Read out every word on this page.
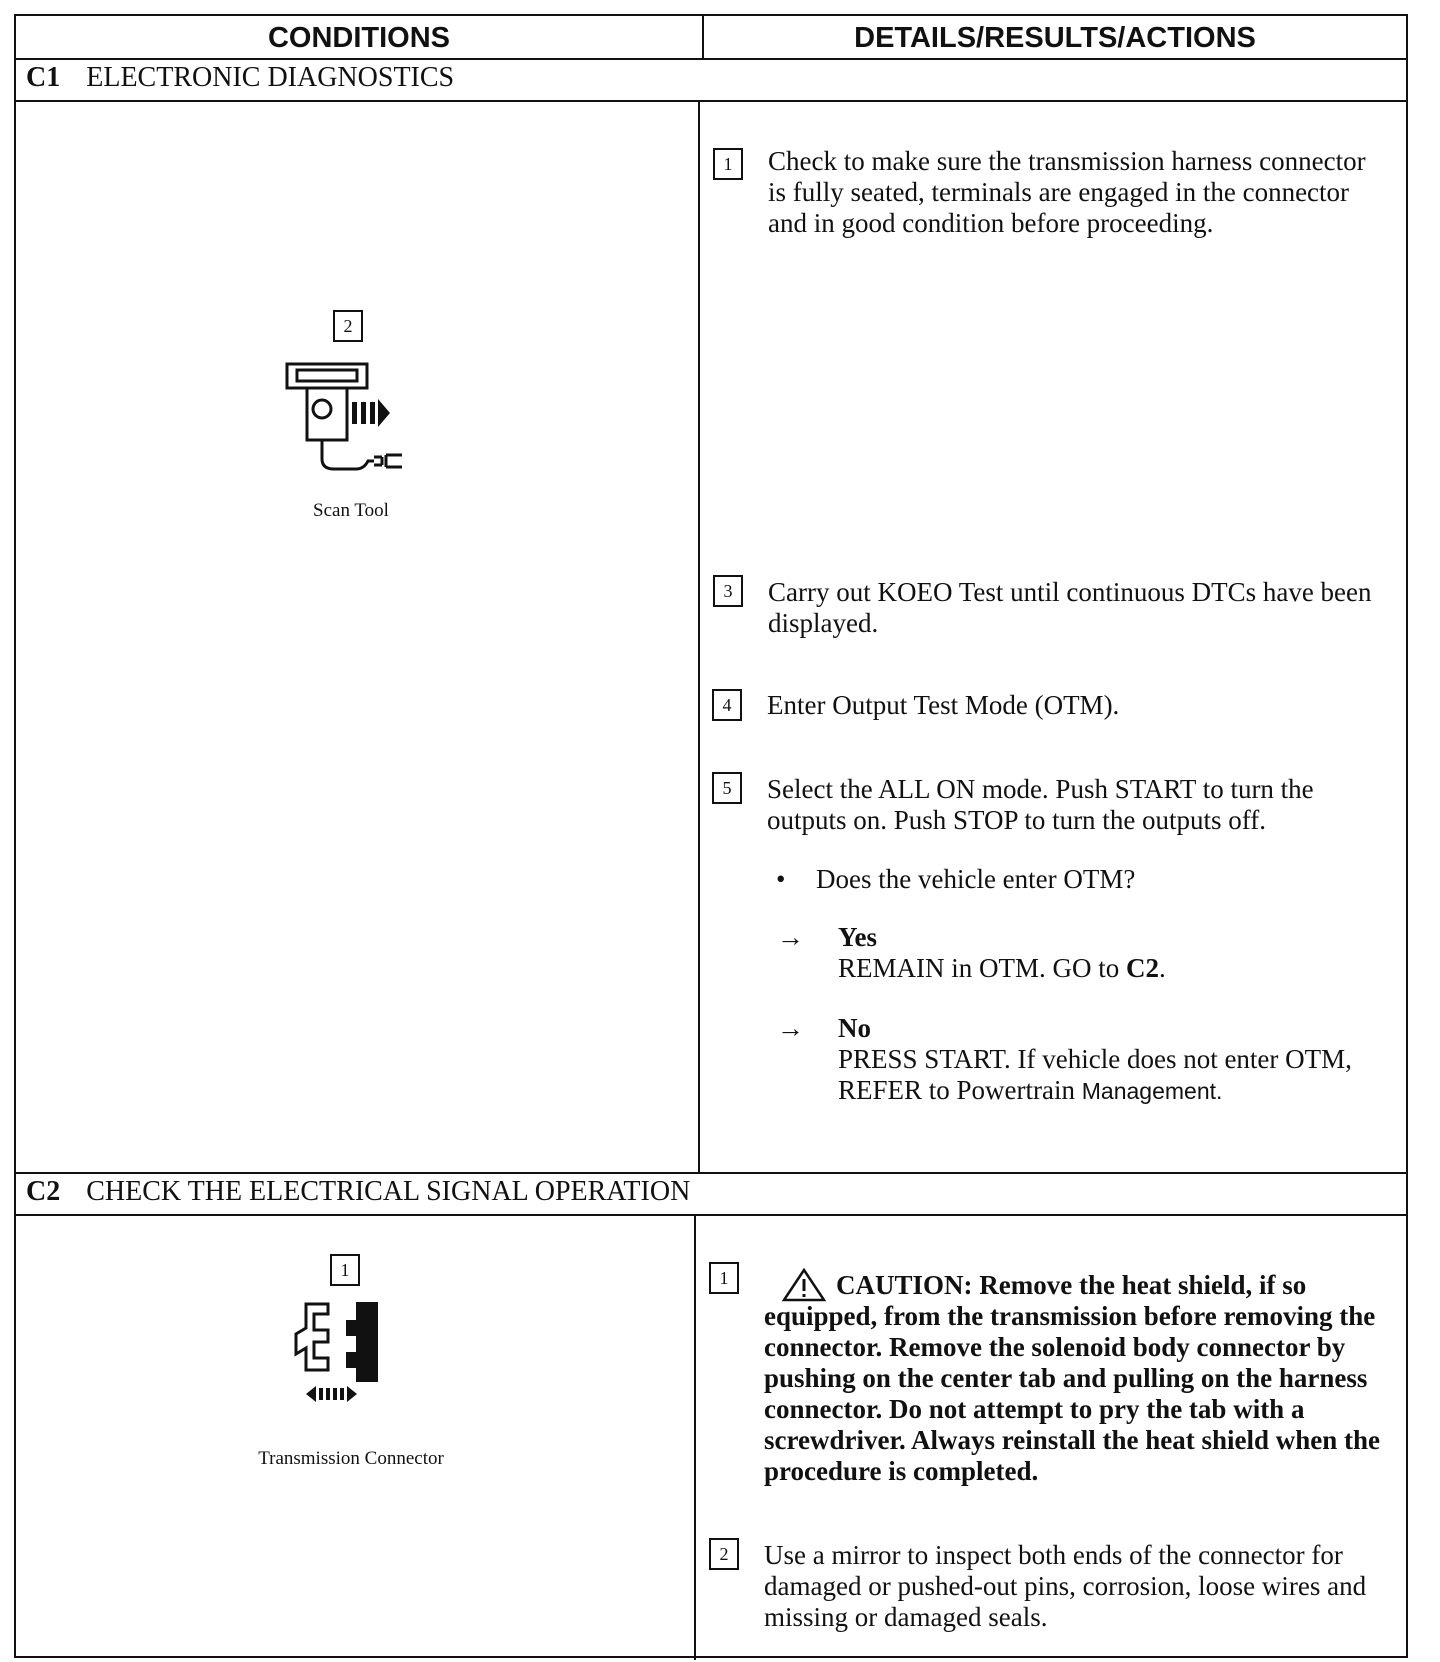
CONDITIONS	DETAILS/RESULTS/ACTIONS
C1 ELECTRONIC DIAGNOSTICS
2
Scan Tool
1	Check to make sure the transmission harness connector is fully seated, terminals are engaged in the connector and in good condition before proceeding.
3	Carry out KOEO Test until continuous DTCs have been displayed.
4	Enter Output Test Mode (OTM).
5	Select the ALL ON mode. Push START to turn the outputs on. Push STOP to turn the outputs off.
• Does the vehicle enter OTM?
→ Yes
REMAIN in OTM. GO to C2.
→ No
PRESS START. If vehicle does not enter OTM, REFER to Powertrain Management.
C2 CHECK THE ELECTRICAL SIGNAL OPERATION
1
Transmission Connector
1	CAUTION: Remove the heat shield, if so equipped, from the transmission before removing the connector. Remove the solenoid body connector by pushing on the center tab and pulling on the harness connector. Do not attempt to pry the tab with a screwdriver. Always reinstall the heat shield when the procedure is completed.
2	Use a mirror to inspect both ends of the connector for damaged or pushed-out pins, corrosion, loose wires and missing or damaged seals.
